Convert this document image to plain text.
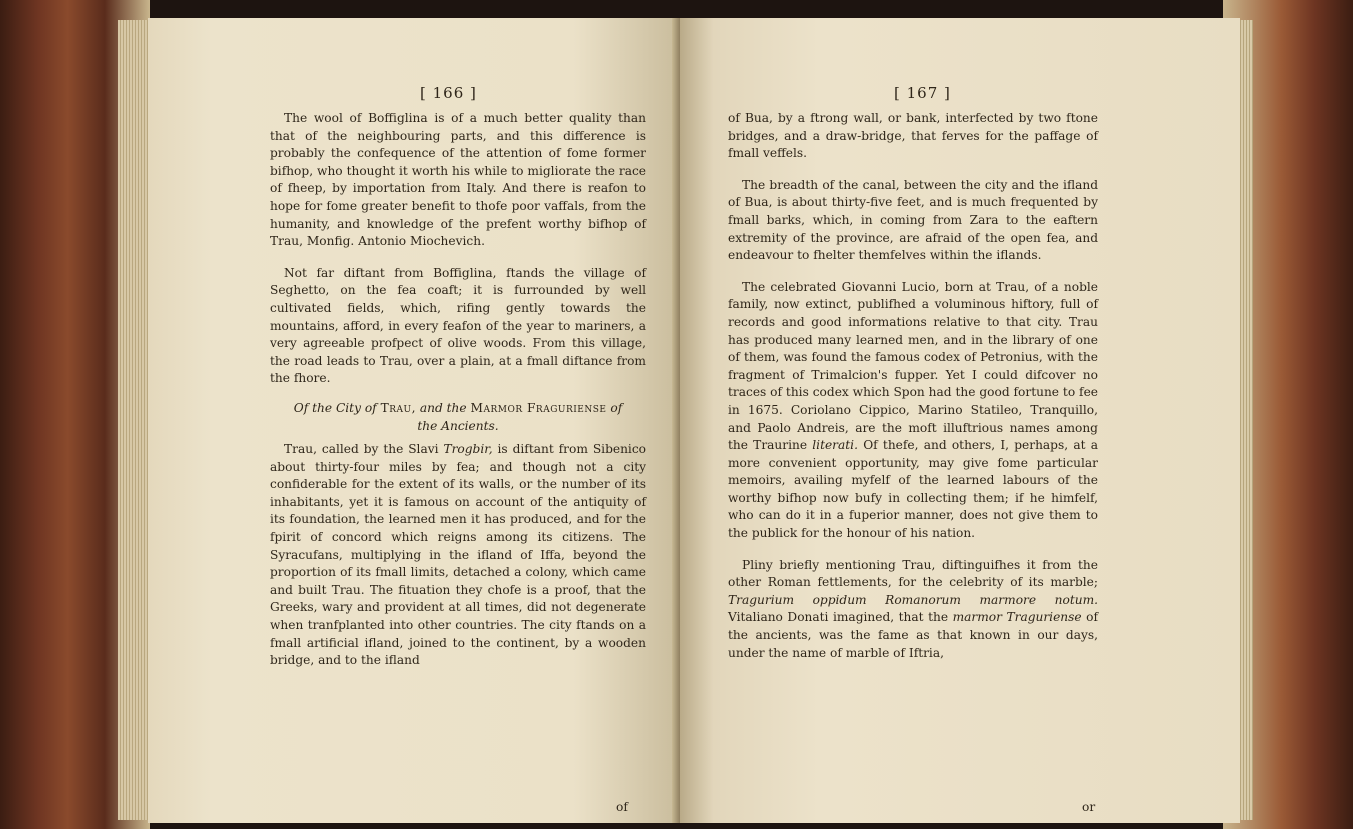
[ 166 ]

The wool of Boffiglina is of a much better quality than that of the neighbouring parts, and this difference is probably the confequence of the attention of fome former bifhop, who thought it worth his while to migliorate the race of fheep, by importation from Italy. And there is reafon to hope for fome greater benefit to thofe poor vaffals, from the humanity, and knowledge of the prefent worthy bifhop of Trau, Monfig. Antonio Miochevich.

Not far diftant from Boffiglina, ftands the village of Seghetto, on the fea coaft; it is furrounded by well cultivated fields, which, rifing gently towards the mountains, afford, in every feafon of the year to mariners, a very agreeable profpect of olive woods. From this village, the road leads to Trau, over a plain, at a fmall diftance from the fhore.

Of the City of Trau, and the Marmor Fraguriense of

the Ancients.

Trau, called by the Slavi Trogbir, is diftant from Sibenico about thirty-four miles by fea; and though not a city confiderable for the extent of its walls, or the number of its inhabitants, yet it is famous on account of the antiquity of its foundation, the learned men it has produced, and for the fpirit of concord which reigns among its citizens. The Syracufans, multiplying in the ifland of Iffa, beyond the proportion of its fmall limits, detached a colony, which came and built Trau. The fituation they chofe is a proof, that the Greeks, wary and provident at all times, did not degenerate when tranfplanted into other countries. The city ftands on a fmall artificial ifland, joined to the continent, by a wooden bridge, and to the ifland

of
[ 167 ]

of Bua, by a ftrong wall, or bank, interfected by two ftone bridges, and a draw-bridge, that ferves for the paffage of fmall veffels.

The breadth of the canal, between the city and the ifland of Bua, is about thirty-five feet, and is much frequented by fmall barks, which, in coming from Zara to the eaftern extremity of the province, are afraid of the open fea, and endeavour to fhelter themfelves within the iflands.

The celebrated Giovanni Lucio, born at Trau, of a noble family, now extinct, publifhed a voluminous hiftory, full of records and good informations relative to that city. Trau has produced many learned men, and in the library of one of them, was found the famous codex of Petronius, with the fragment of Trimalcion's fupper. Yet I could difcover no traces of this codex which Spon had the good fortune to fee in 1675. Coriolano Cippico, Marino Statileo, Tranquillo, and Paolo Andreis, are the moft illuftrious names among the Traurine literati. Of thefe, and others, I, perhaps, at a more convenient opportunity, may give fome particular memoirs, availing myfelf of the learned labours of the worthy bifhop now bufy in collecting them; if he himfelf, who can do it in a fuperior manner, does not give them to the publick for the honour of his nation.

Pliny briefly mentioning Trau, diftinguifhes it from the other Roman fettlements, for the celebrity of its marble; Tragurium oppidum Romanorum marmore notum. Vitaliano Donati imagined, that the marmor Traguriense of the ancients, was the fame as that known in our days, under the name of marble of Iftria,

or
